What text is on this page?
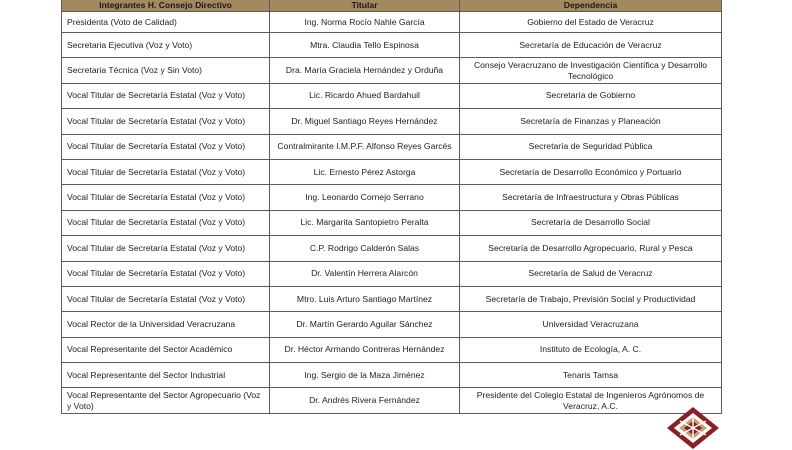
Integrantes H. Consejo Directivo	Titular	Dependencia
Presidenta (Voto de Calidad)	Ing. Norma Rocío Nahle García	Gobierno del Estado de Veracruz
Secretaria Ejecutiva (Voz y Voto)	Mtra. Claudia Tello Espinosa	Secretaría de Educación de Veracruz
Secretaria Técnica (Voz y Sin Voto)	Dra. María Graciela Hernández y Orduña	Consejo Veracruzano de Investigación Científica y Desarrollo Tecnológico
Vocal Titular de Secretaría Estatal (Voz y Voto)	Lic. Ricardo Ahued Bardahuil	Secretaría de Gobierno
Vocal Titular de Secretaría Estatal (Voz y Voto)	Dr. Miguel Santiago Reyes Hernández	Secretaría de Finanzas y Planeación
Vocal Titular de Secretaría Estatal (Voz y Voto)	Contralmirante I.M.P.F. Alfonso Reyes Garcés	Secretaría de Seguridad Pública
Vocal Titular de Secretaría Estatal (Voz y Voto)	Lic. Ernesto Pérez Astorga	Secretaría de Desarrollo Económico y Portuario
Vocal Titular de Secretaría Estatal (Voz y Voto)	Ing. Leonardo Cornejo Serrano	Secretaría de Infraestructura y Obras Públicas
Vocal Titular de Secretaría Estatal (Voz y Voto)	Lic. Margarita Santopietro Peralta	Secretaría de Desarrollo Social
Vocal Titular de Secretaría Estatal (Voz y Voto)	C.P. Rodrigo Calderón Salas	Secretaría de Desarrollo Agropecuario, Rural y Pesca
Vocal Titular de Secretaría Estatal (Voz y Voto)	Dr. Valentín Herrera Alarcón	Secretaría de Salud de Veracruz
Vocal Titular de Secretaría Estatal (Voz y Voto)	Mtro. Luis Arturo Santiago Martínez	Secretaría de Trabajo, Previsión Social y Productividad
Vocal Rector de la Universidad Veracruzana	Dr. Martín Gerardo Aguilar Sánchez	Universidad Veracruzana
Vocal Representante del Sector Académico	Dr. Héctor Armando Contreras Hernández	Instituto de Ecología, A. C.
Vocal Representante del Sector Industrial	Ing. Sergio de la Maza Jiménez	Tenaris Tamsa
Vocal Representante del Sector Agropecuario (Voz y Voto)	Dr. Andrés Rivera Fernández	Presidente del Colegio Estatal de Ingenieros Agrónomos de Veracruz, A.C.
